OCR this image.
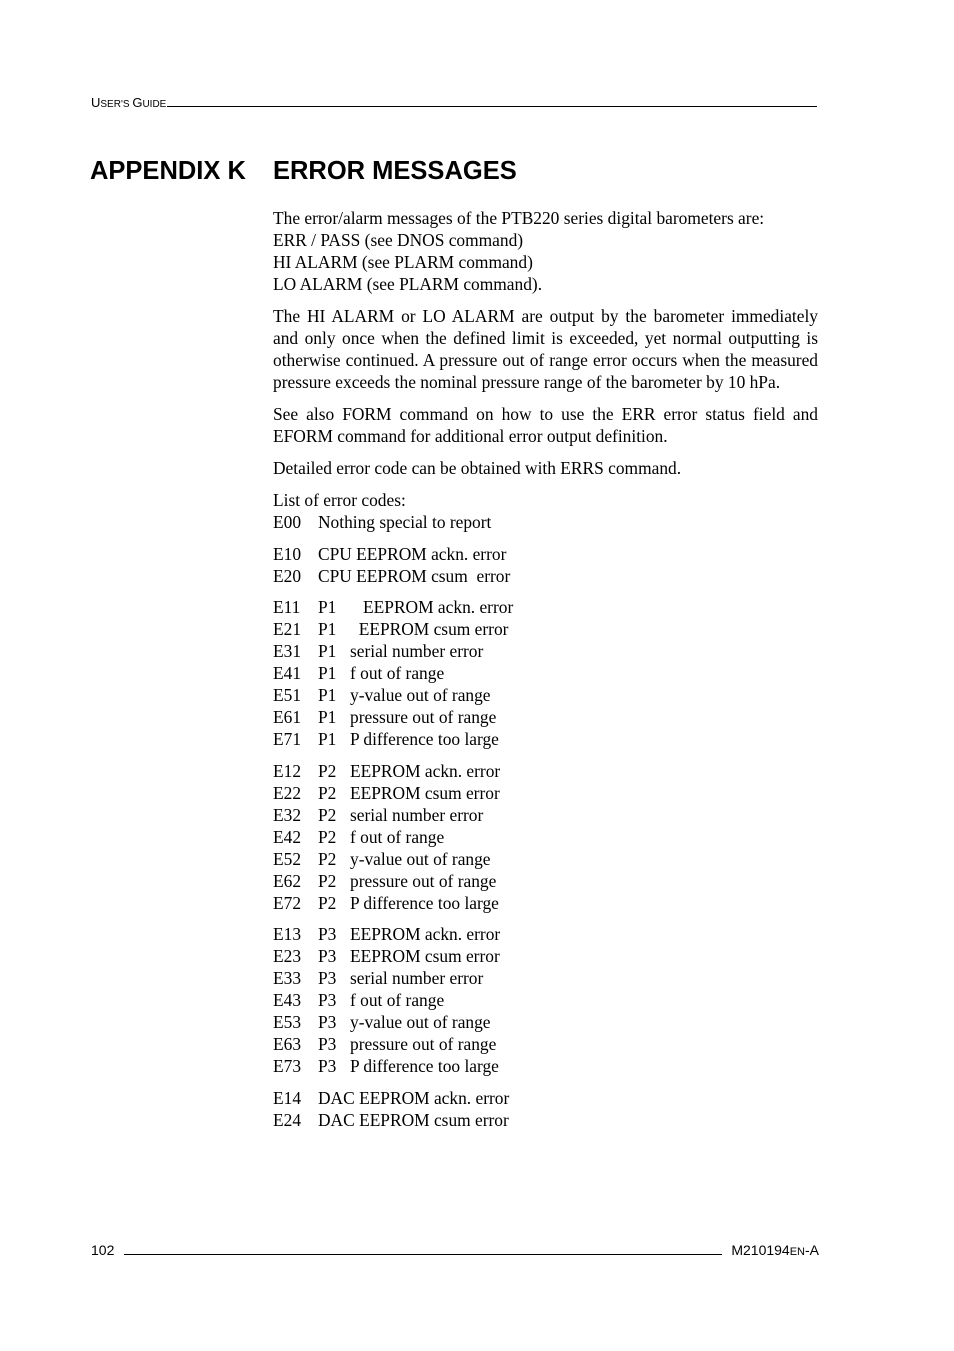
USER'S GUIDE
APPENDIX K ERROR MESSAGES

The error/alarm messages of the PTB220 series digital barometers are:
ERR / PASS (see DNOS command)
HI ALARM (see PLARM command)
LO ALARM (see PLARM command).

The HI ALARM or LO ALARM are output by the barometer immediately and only once when the defined limit is exceeded, yet normal outputting is otherwise continued. A pressure out of range error occurs when the measured pressure exceeds the nominal pressure range of the barometer by 10 hPa.

See also FORM command on how to use the ERR error status field and EFORM command for additional error output definition.

Detailed error code can be obtained with ERRS command.

List of error codes:
E00 Nothing special to report
E10 CPU EEPROM ackn. error
E20 CPU EEPROM csum  error
E11	P1 EEPROM ackn. error
E21 P1 EEPROM csum error
E31 P1 serial number error
E41 P1 f out of range
E51 P1 y-value out of range
E61 P1 pressure out of range
E71 P1 P difference too large
E12 P2 EEPROM ackn. error
E22 P2 EEPROM csum error
E32 P2 serial number error
E42 P2 f out of range
E52 P2 y-value out of range
E62 P2 pressure out of range
E72 P2 P difference too large
E13 P3 EEPROM ackn. error
E23 P3 EEPROM csum error
E33 P3 serial number error
E43 P3 f out of range
E53 P3 y-value out of range
E63 P3 pressure out of range
E73 P3 P difference too large
E14 DAC EEPROM ackn. error
E24 DAC EEPROM csum error
102	M210194EN-A
